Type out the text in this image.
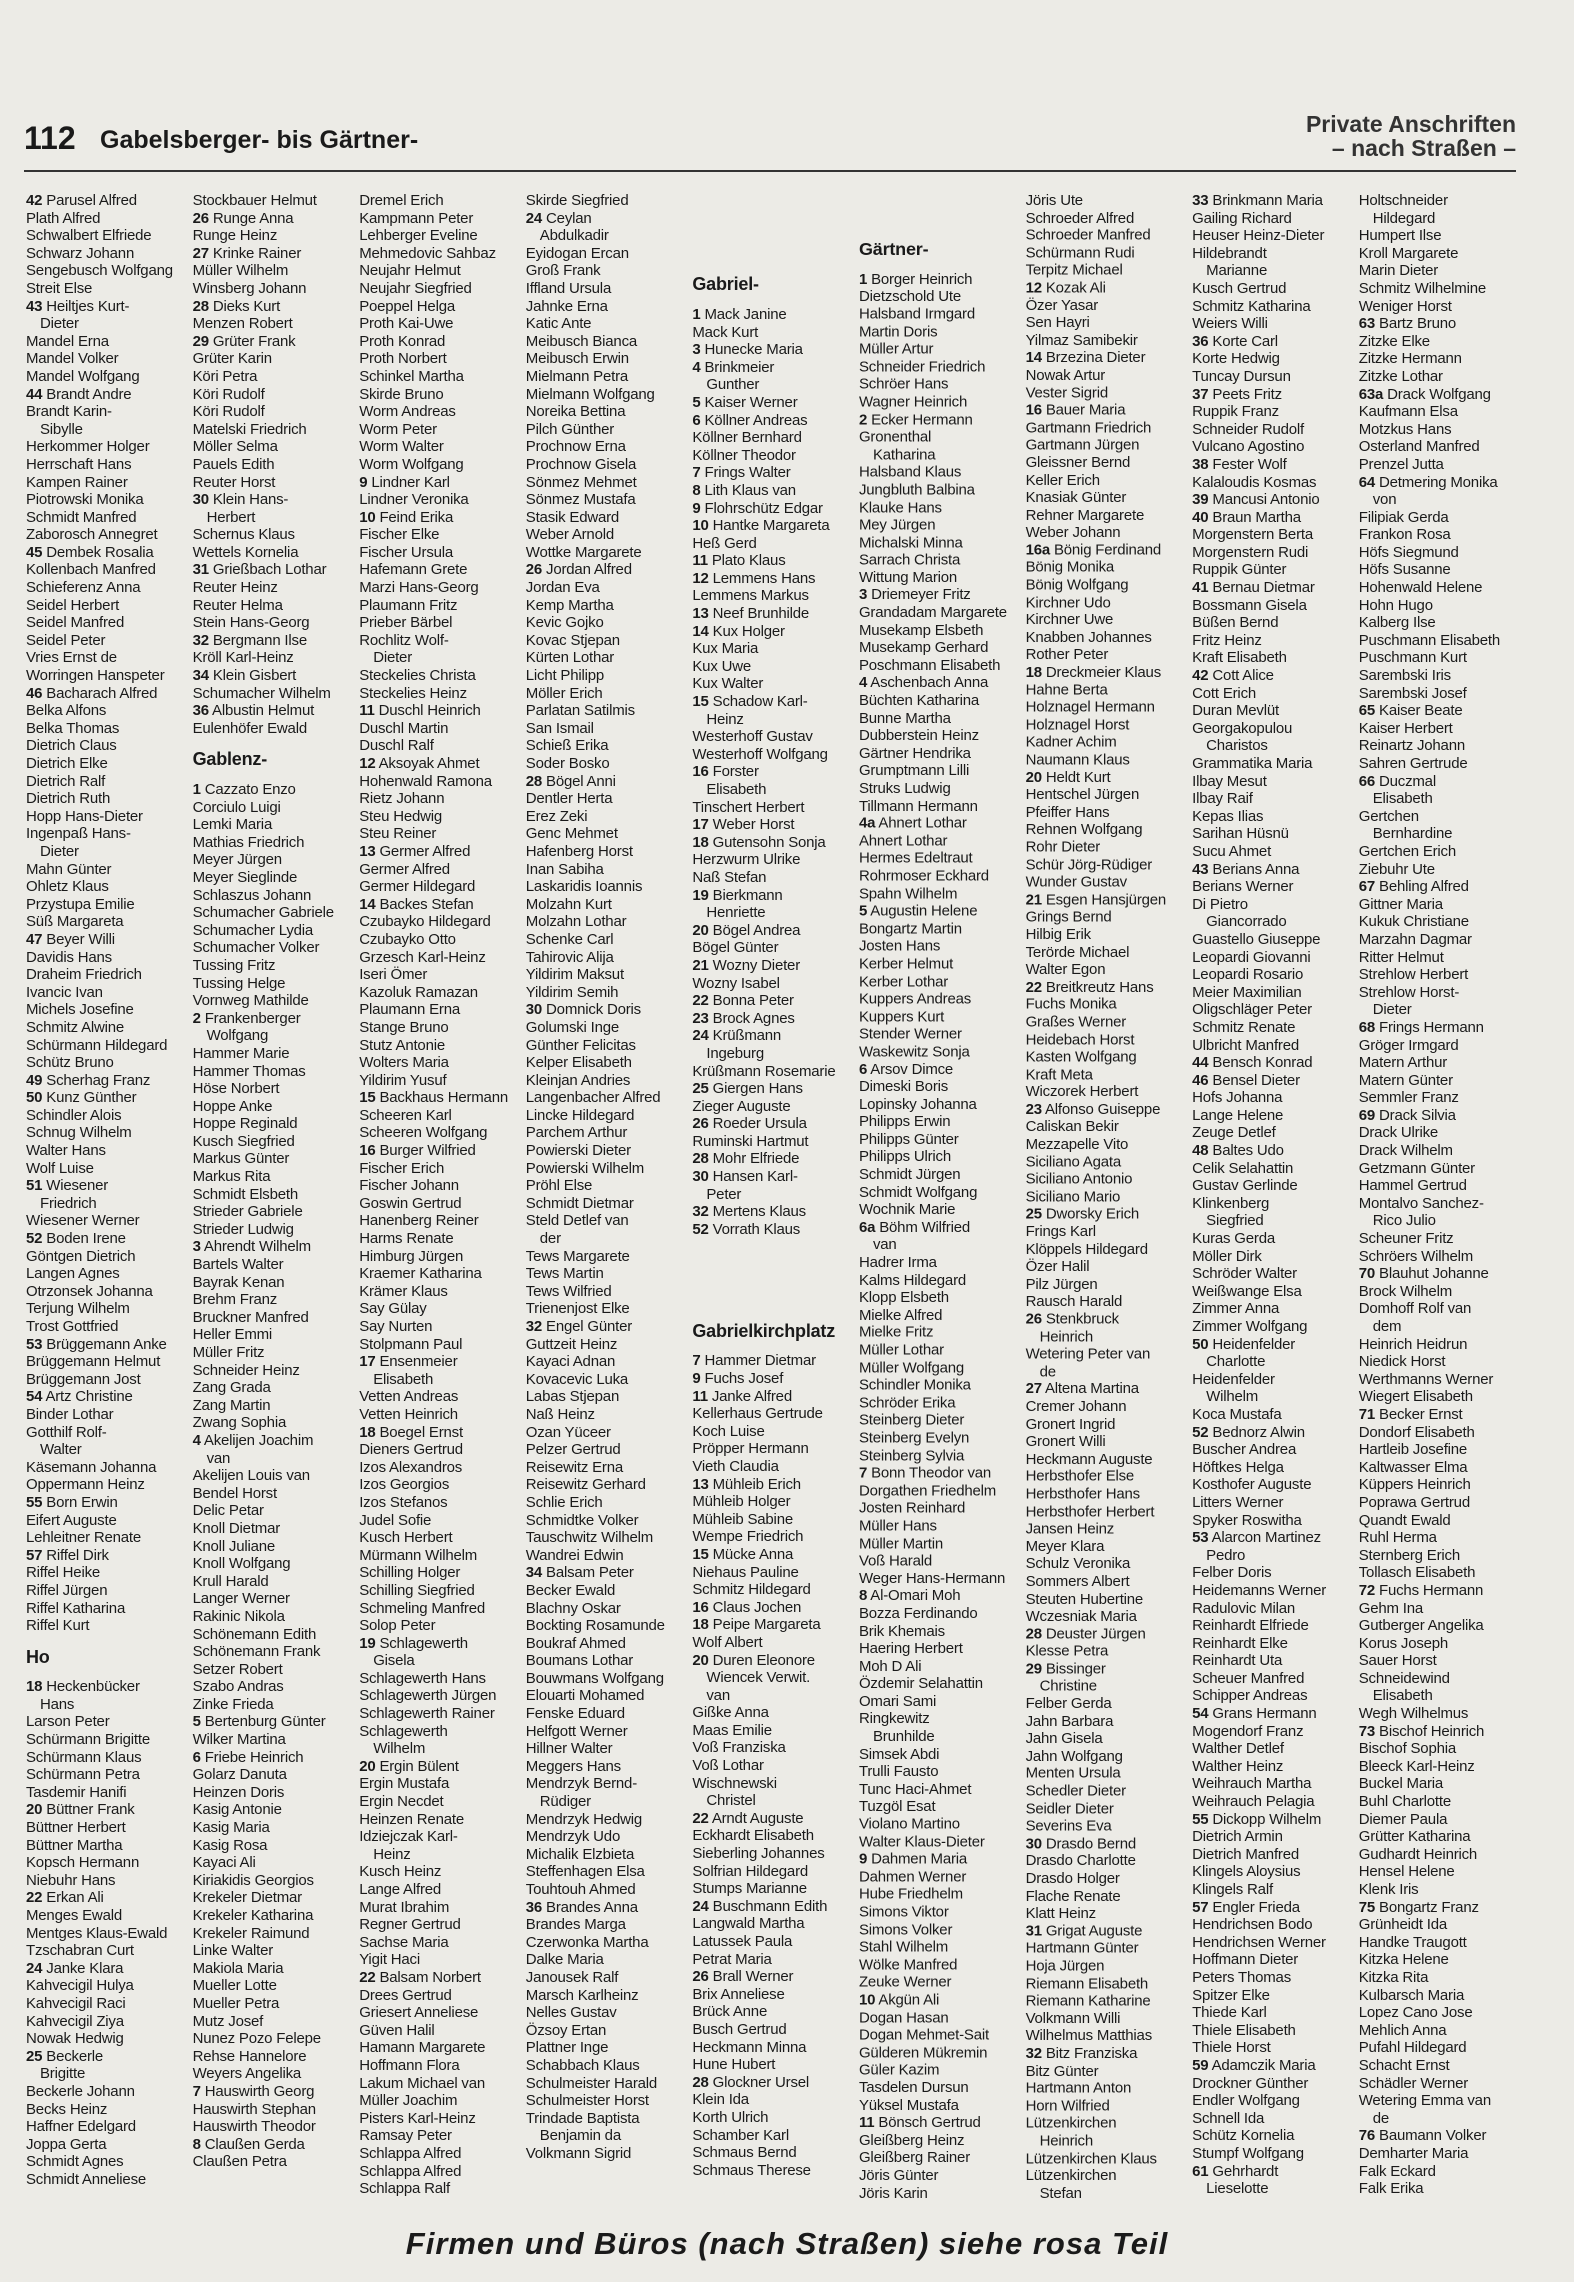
112 Gabelsberger- bis Gärtner-
Private Anschriften
– nach Straßen –
42 Parusel Alfred
Plath Alfred
Schwalbert Elfriede
Schwarz Johann
Sengebusch Wolfgang
Streit Else
43 Heiltjes Kurt-
Dieter
Mandel Erna
Mandel Volker
Mandel Wolfgang
44 Brandt Andre
Brandt Karin-
Sibylle
Herkommer Holger
Herrschaft Hans
Kampen Rainer
Piotrowski Monika
Schmidt Manfred
Zaborosch Annegret
45 Dembek Rosalia
Kollenbach Manfred
Schieferenz Anna
Seidel Herbert
Seidel Manfred
Seidel Peter
Vries Ernst de
Worringen Hanspeter
46 Bacharach Alfred
Belka Alfons
Belka Thomas
Dietrich Claus
Dietrich Elke
Dietrich Ralf
Dietrich Ruth
Hopp Hans-Dieter
Ingenpaß Hans-
Dieter
Mahn Günter
Ohletz Klaus
Przystupa Emilie
Süß Margareta
47 Beyer Willi
Davidis Hans
Draheim Friedrich
Ivancic Ivan
Michels Josefine
Schmitz Alwine
Schürmann Hildegard
Schütz Bruno
49 Scherhag Franz
50 Kunz Günther
Schindler Alois
Schnug Wilhelm
Walter Hans
Wolf Luise
51 Wiesener
Friedrich
Wiesener Werner
52 Boden Irene
Göntgen Dietrich
Langen Agnes
Otrzonsek Johanna
Terjung Wilhelm
Trost Gottfried
53 Brüggemann Anke
Brüggemann Helmut
Brüggemann Jost
54 Artz Christine
Binder Lothar
Gotthilf Rolf-
Walter
Käsemann Johanna
Oppermann Heinz
55 Born Erwin
Eifert Auguste
Lehleitner Renate
57 Riffel Dirk
Riffel Heike
Riffel Jürgen
Riffel Katharina
Riffel Kurt
Ho
18 Heckenbücker
Hans
Larson Peter
Schürmann Brigitte
Schürmann Klaus
Schürmann Petra
Tasdemir Hanifi
20 Büttner Frank
Büttner Herbert
Büttner Martha
Kopsch Hermann
Niebuhr Hans
22 Erkan Ali
Menges Ewald
Mentges Klaus-Ewald
Tzschabran Curt
24 Janke Klara
Kahvecigil Hulya
Kahvecigil Raci
Kahvecigil Ziya
Nowak Hedwig
25 Beckerle
Brigitte
Beckerle Johann
Becks Heinz
Haffner Edelgard
Joppa Gerta
Schmidt Agnes
Schmidt Anneliese
Stockbauer Helmut
26 Runge Anna
Runge Heinz
27 Krinke Rainer
Müller Wilhelm
Winsberg Johann
28 Dieks Kurt
Menzen Robert
29 Grüter Frank
Grüter Karin
Köri Petra
Köri Rudolf
Köri Rudolf
Matelski Friedrich
Möller Selma
Pauels Edith
Reuter Horst
30 Klein Hans-
Herbert
Schernus Klaus
Wettels Kornelia
31 Grießbach Lothar
Reuter Heinz
Reuter Helma
Stein Hans-Georg
32 Bergmann Ilse
Kröll Karl-Heinz
34 Klein Gisbert
Schumacher Wilhelm
36 Albustin Helmut
Eulenhöfer Ewald
Gablenz-
1 Cazzato Enzo
Corciulo Luigi
Lemki Maria
Mathias Friedrich
Meyer Jürgen
Meyer Sieglinde
Schlaszus Johann
Schumacher Gabriele
Schumacher Lydia
Schumacher Volker
Tussing Fritz
Tussing Helge
Vornweg Mathilde
2 Frankenberger
Wolfgang
Hammer Marie
Hammer Thomas
Höse Norbert
Hoppe Anke
Hoppe Reginald
Kusch Siegfried
Markus Günter
Markus Rita
Schmidt Elsbeth
Strieder Gabriele
Strieder Ludwig
3 Ahrendt Wilhelm
Bartels Walter
Bayrak Kenan
Brehm Franz
Bruckner Manfred
Heller Emmi
Müller Fritz
Schneider Heinz
Zang Grada
Zang Martin
Zwang Sophia
4 Akelijen Joachim
van
Akelijen Louis van
Bendel Horst
Delic Petar
Knoll Dietmar
Knoll Juliane
Knoll Wolfgang
Krull Harald
Langer Werner
Rakinic Nikola
Schönemann Edith
Schönemann Frank
Setzer Robert
Szabo Andras
Zinke Frieda
5 Bertenburg Günter
Wilker Martina
6 Friebe Heinrich
Golarz Danuta
Heinzen Doris
Kasig Antonie
Kasig Maria
Kasig Rosa
Kayaci Ali
Kiriakidis Georgios
Krekeler Dietmar
Krekeler Katharina
Krekeler Raimund
Linke Walter
Makiola Maria
Mueller Lotte
Mueller Petra
Mutz Josef
Nunez Pozo Felepe
Rehse Hannelore
Weyers Angelika
7 Hauswirth Georg
Hauswirth Stephan
Hauswirth Theodor
8 Claußen Gerda
Claußen Petra
Dremel Erich
Kampmann Peter
Lehberger Eveline
Mehmedovic Sahbaz
Neujahr Helmut
Neujahr Siegfried
Poeppel Helga
Proth Kai-Uwe
Proth Konrad
Proth Norbert
Schinkel Martha
Skirde Bruno
Worm Andreas
Worm Peter
Worm Walter
Worm Wolfgang
9 Lindner Karl
Lindner Veronika
10 Feind Erika
Fischer Elke
Fischer Ursula
Hafemann Grete
Marzi Hans-Georg
Plaumann Fritz
Prieber Bärbel
Rochlitz Wolf-
Dieter
Steckelies Christa
Steckelies Heinz
11 Duschl Heinrich
Duschl Martin
Duschl Ralf
12 Aksoyak Ahmet
Hohenwald Ramona
Rietz Johann
Steu Hedwig
Steu Reiner
13 Germer Alfred
Germer Alfred
Germer Hildegard
14 Backes Stefan
Czubayko Hildegard
Czubayko Otto
Grzesch Karl-Heinz
Iseri Ömer
Kazoluk Ramazan
Plaumann Erna
Stange Bruno
Stutz Antonie
Wolters Maria
Yildirim Yusuf
15 Backhaus Hermann
Scheeren Karl
Scheeren Wolfgang
16 Burger Wilfried
Fischer Erich
Fischer Johann
Goswin Gertrud
Hanenberg Reiner
Harms Renate
Himburg Jürgen
Kraemer Katharina
Krämer Klaus
Say Gülay
Say Nurten
Stolpmann Paul
17 Ensenmeier
Elisabeth
Vetten Andreas
Vetten Heinrich
18 Boegel Ernst
Dieners Gertrud
Izos Alexandros
Izos Georgios
Izos Stefanos
Judel Sofie
Kusch Herbert
Mürmann Wilhelm
Schilling Holger
Schilling Siegfried
Schmeling Manfred
Solop Peter
19 Schlagewerth
Gisela
Schlagewerth Hans
Schlagewerth Jürgen
Schlagewerth Rainer
Schlagewerth
Wilhelm
20 Ergin Bülent
Ergin Mustafa
Ergin Necdet
Heinzen Renate
Idziejczak Karl-
Heinz
Kusch Heinz
Lange Alfred
Murat Ibrahim
Regner Gertrud
Sachse Maria
Yigit Haci
22 Balsam Norbert
Drees Gertrud
Griesert Anneliese
Güven Halil
Hamann Margarete
Hoffmann Flora
Lakum Michael van
Müller Joachim
Pisters Karl-Heinz
Ramsay Peter
Schlappa Alfred
Schlappa Alfred
Schlappa Ralf
Skirde Siegfried
24 Ceylan
Abdulkadir
Eyidogan Ercan
Groß Frank
Iffland Ursula
Jahnke Erna
Katic Ante
Meibusch Bianca
Meibusch Erwin
Mielmann Petra
Mielmann Wolfgang
Noreika Bettina
Pilch Günther
Prochnow Erna
Prochnow Gisela
Sönmez Mehmet
Sönmez Mustafa
Stasik Edward
Weber Arnold
Wottke Margarete
26 Jordan Alfred
Jordan Eva
Kemp Martha
Kevic Gojko
Kovac Stjepan
Kürten Lothar
Licht Philipp
Möller Erich
Parlatan Satilmis
San Ismail
Schieß Erika
Soder Bosko
28 Bögel Anni
Dentler Herta
Erez Zeki
Genc Mehmet
Hafenberg Horst
Inan Sabiha
Laskaridis Ioannis
Molzahn Kurt
Molzahn Lothar
Schenke Carl
Tahirovic Alija
Yildirim Maksut
Yildirim Semih
30 Domnick Doris
Golumski Inge
Günther Felicitas
Kelper Elisabeth
Kleinjan Andries
Langenbacher Alfred
Lincke Hildegard
Parchem Arthur
Powierski Dieter
Powierski Wilhelm
Pröhl Else
Schmidt Dietmar
Steld Detlef van
der
Tews Margarete
Tews Martin
Tews Wilfried
Trienenjost Elke
32 Engel Günter
Guttzeit Heinz
Kayaci Adnan
Kovacevic Luka
Labas Stjepan
Naß Heinz
Ozan Yüceer
Pelzer Gertrud
Reisewitz Erna
Reisewitz Gerhard
Schlie Erich
Schmidtke Volker
Tauschwitz Wilhelm
Wandrei Edwin
34 Balsam Peter
Becker Ewald
Blachny Oskar
Bockting Rosamunde
Boukraf Ahmed
Boumans Lothar
Bouwmans Wolfgang
Elouarti Mohamed
Fenske Eduard
Helfgott Werner
Hillner Walter
Meggers Hans
Mendrzyk Bernd-
Rüdiger
Mendrzyk Hedwig
Mendrzyk Udo
Michalik Elzbieta
Steffenhagen Elsa
Touhtouh Ahmed
36 Brandes Anna
Brandes Marga
Czerwonka Martha
Dalke Maria
Janousek Ralf
Marsch Karlheinz
Nelles Gustav
Özsoy Ertan
Plattner Inge
Schabbach Klaus
Schulmeister Harald
Schulmeister Horst
Trindade Baptista
Benjamin da
Volkmann Sigrid

Gabriel-
1 Mack Janine
Mack Kurt
3 Hunecke Maria
4 Brinkmeier
Gunther
5 Kaiser Werner
6 Köllner Andreas
Köllner Bernhard
Köllner Theodor
7 Frings Walter
8 Lith Klaus van
9 Flohrschütz Edgar
10 Hantke Margareta
Heß Gerd
11 Plato Klaus
12 Lemmens Hans
Lemmens Markus
13 Neef Brunhilde
14 Kux Holger
Kux Maria
Kux Uwe
Kux Walter
15 Schadow Karl-
Heinz
Westerhoff Gustav
Westerhoff Wolfgang
16 Forster
Elisabeth
Tinschert Herbert
17 Weber Horst
18 Gutensohn Sonja
Herzwurm Ulrike
Naß Stefan
19 Bierkmann
Henriette
20 Bögel Andrea
Bögel Günter
21 Wozny Dieter
Wozny Isabel
22 Bonna Peter
23 Brock Agnes
24 Krüßmann
Ingeburg
Krüßmann Rosemarie
25 Giergen Hans
Zieger Auguste
26 Roeder Ursula
Ruminski Hartmut
28 Mohr Elfriede
30 Hansen Karl-
Peter
32 Mertens Klaus
52 Vorrath Klaus

Gabrielkirchplatz
7 Hammer Dietmar
9 Fuchs Josef
11 Janke Alfred
Kellerhaus Gertrude
Koch Luise
Pröpper Hermann
Vieth Claudia
13 Mühleib Erich
Mühleib Holger
Mühleib Sabine
Wempe Friedrich
15 Mücke Anna
Niehaus Pauline
Schmitz Hildegard
16 Claus Jochen
18 Peipe Margareta
Wolf Albert
20 Duren Eleonore
Wiencek Verwit.
van
Gißke Anna
Maas Emilie
Voß Franziska
Voß Lothar
Wischnewski
Christel
22 Arndt Auguste
Eckhardt Elisabeth
Sieberling Johannes
Solfrian Hildegard
Stumps Marianne
24 Buschmann Edith
Langwald Martha
Latussek Paula
Petrat Maria
26 Brall Werner
Brix Anneliese
Brück Anne
Busch Gertrud
Heckmann Minna
Hune Hubert
28 Glockner Ursel
Klein Ida
Korth Ulrich
Schamber Karl
Schmaus Bernd
Schmaus Therese

Gärtner-
1 Borger Heinrich
Dietzschold Ute
Halsband Irmgard
Martin Doris
Müller Artur
Schneider Friedrich
Schröer Hans
Wagner Heinrich
2 Ecker Hermann
Gronenthal
Katharina
Halsband Klaus
Jungbluth Balbina
Klauke Hans
Mey Jürgen
Michalski Minna
Sarrach Christa
Wittung Marion
3 Driemeyer Fritz
Grandadam Margarete
Musekamp Elsbeth
Musekamp Gerhard
Poschmann Elisabeth
4 Aschenbach Anna
Büchten Katharina
Bunne Martha
Dubberstein Heinz
Gärtner Hendrika
Grumptmann Lilli
Struks Ludwig
Tillmann Hermann
4a Ahnert Lothar
Ahnert Lothar
Hermes Edeltraut
Rohrmoser Eckhard
Spahn Wilhelm
5 Augustin Helene
Bongartz Martin
Josten Hans
Kerber Helmut
Kerber Lothar
Kuppers Andreas
Kuppers Kurt
Stender Werner
Waskewitz Sonja
6 Arsov Dimce
Dimeski Boris
Lopinsky Johanna
Philipps Erwin
Philipps Günter
Philipps Ulrich
Schmidt Jürgen
Schmidt Wolfgang
Wochnik Marie
6a Böhm Wilfried
van
Hadrer Irma
Kalms Hildegard
Klopp Elsbeth
Mielke Alfred
Mielke Fritz
Müller Lothar
Müller Wolfgang
Schindler Monika
Schröder Erika
Steinberg Dieter
Steinberg Evelyn
Steinberg Sylvia
7 Bonn Theodor van
Dorgathen Friedhelm
Josten Reinhard
Müller Hans
Müller Martin
Voß Harald
Weger Hans-Hermann
8 Al-Omari Moh
Bozza Ferdinando
Brik Khemais
Haering Herbert
Moh D Ali
Özdemir Selahattin
Omari Sami
Ringkewitz
Brunhilde
Simsek Abdi
Trulli Fausto
Tunc Haci-Ahmet
Tuzgöl Esat
Violano Martino
Walter Klaus-Dieter
9 Dahmen Maria
Dahmen Werner
Hube Friedhelm
Simons Viktor
Simons Volker
Stahl Wilhelm
Wölke Manfred
Zeuke Werner
10 Akgün Ali
Dogan Hasan
Dogan Mehmet-Sait
Gülderen Mükremin
Güler Kazim
Tasdelen Dursun
Yüksel Mustafa
11 Bönsch Gertrud
Gleißberg Heinz
Gleißberg Rainer
Jöris Günter
Jöris Karin
Jöris Ute
Schroeder Alfred
Schroeder Manfred
Schürmann Rudi
Terpitz Michael
12 Kozak Ali
Özer Yasar
Sen Hayri
Yilmaz Samibekir
14 Brzezina Dieter
Nowak Artur
Vester Sigrid
16 Bauer Maria
Gartmann Friedrich
Gartmann Jürgen
Gleissner Bernd
Keller Erich
Knasiak Günter
Rehner Margarete
Weber Johann
16a Bönig Ferdinand
Bönig Monika
Bönig Wolfgang
Kirchner Udo
Kirchner Uwe
Knabben Johannes
Rother Peter
18 Dreckmeier Klaus
Hahne Berta
Holznagel Hermann
Holznagel Horst
Kadner Achim
Naumann Klaus
20 Heldt Kurt
Hentschel Jürgen
Pfeiffer Hans
Rehnen Wolfgang
Rohr Dieter
Schür Jörg-Rüdiger
Wunder Gustav
21 Esgen Hansjürgen
Grings Bernd
Hilbig Erik
Terörde Michael
Walter Egon
22 Breitkreutz Hans
Fuchs Monika
Graßes Werner
Heidebach Horst
Kasten Wolfgang
Kraft Meta
Wiczorek Herbert
23 Alfonso Guiseppe
Caliskan Bekir
Mezzapelle Vito
Siciliano Agata
Siciliano Antonio
Siciliano Mario
25 Dworsky Erich
Frings Karl
Klöppels Hildegard
Özer Halil
Pilz Jürgen
Rausch Harald
26 Stenkbruck
Heinrich
Wetering Peter van
de
27 Altena Martina
Cremer Johann
Gronert Ingrid
Gronert Willi
Heckmann Auguste
Herbsthofer Else
Herbsthofer Hans
Herbsthofer Herbert
Jansen Heinz
Meyer Klara
Schulz Veronika
Sommers Albert
Steuten Hubertine
Wczesniak Maria
28 Deuster Jürgen
Klesse Petra
29 Bissinger
Christine
Felber Gerda
Jahn Barbara
Jahn Gisela
Jahn Wolfgang
Menten Ursula
Schedler Dieter
Seidler Dieter
Severins Eva
30 Drasdo Bernd
Drasdo Charlotte
Drasdo Holger
Flache Renate
Klatt Heinz
31 Grigat Auguste
Hartmann Günter
Hoja Jürgen
Riemann Elisabeth
Riemann Katharine
Volkmann Willi
Wilhelmus Matthias
32 Bitz Franziska
Bitz Günter
Hartmann Anton
Horn Wilfried
Lützenkirchen
Heinrich
Lützenkirchen Klaus
Lützenkirchen
Stefan
33 Brinkmann Maria
Gailing Richard
Heuser Heinz-Dieter
Hildebrandt
Marianne
Kusch Gertrud
Schmitz Katharina
Weiers Willi
36 Korte Carl
Korte Hedwig
Tuncay Dursun
37 Peets Fritz
Ruppik Franz
Schneider Rudolf
Vulcano Agostino
38 Fester Wolf
Kalaloudis Kosmas
39 Mancusi Antonio
40 Braun Martha
Morgenstern Berta
Morgenstern Rudi
Ruppik Günter
41 Bernau Dietmar
Bossmann Gisela
Büßen Bernd
Fritz Heinz
Kraft Elisabeth
42 Cott Alice
Cott Erich
Duran Mevlüt
Georgakopulou
Charistos
Grammatika Maria
Ilbay Mesut
Ilbay Raif
Kepas Ilias
Sarihan Hüsnü
Sucu Ahmet
43 Berians Anna
Berians Werner
Di Pietro
Giancorrado
Guastello Giuseppe
Leopardi Giovanni
Leopardi Rosario
Meier Maximilian
Oligschläger Peter
Schmitz Renate
Ulbricht Manfred
44 Bensch Konrad
46 Bensel Dieter
Hofs Johanna
Lange Helene
Zeuge Detlef
48 Baltes Udo
Celik Selahattin
Gustav Gerlinde
Klinkenberg
Siegfried
Kuras Gerda
Möller Dirk
Schröder Walter
Weißwange Elsa
Zimmer Anna
Zimmer Wolfgang
50 Heidenfelder
Charlotte
Heidenfelder
Wilhelm
Koca Mustafa
52 Bednorz Alwin
Buscher Andrea
Höftkes Helga
Kosthofer Auguste
Litters Werner
Spyker Roswitha
53 Alarcon Martinez
Pedro
Felber Doris
Heidemanns Werner
Radulovic Milan
Reinhardt Elfriede
Reinhardt Elke
Reinhardt Uta
Scheuer Manfred
Schipper Andreas
54 Grans Hermann
Mogendorf Franz
Walther Detlef
Walther Heinz
Weihrauch Martha
Weihrauch Pelagia
55 Dickopp Wilhelm
Dietrich Armin
Dietrich Manfred
Klingels Aloysius
Klingels Ralf
57 Engler Frieda
Hendrichsen Bodo
Hendrichsen Werner
Hoffmann Dieter
Peters Thomas
Spitzer Elke
Thiede Karl
Thiele Elisabeth
Thiele Horst
59 Adamczik Maria
Drockner Günther
Endler Wolfgang
Schnell Ida
Schütz Kornelia
Stumpf Wolfgang
61 Gehrhardt
Lieselotte
Holtschneider
Hildegard
Humpert Ilse
Kroll Margarete
Marin Dieter
Schmitz Wilhelmine
Weniger Horst
63 Bartz Bruno
Zitzke Elke
Zitzke Hermann
Zitzke Lothar
63a Drack Wolfgang
Kaufmann Elsa
Motzkus Hans
Osterland Manfred
Prenzel Jutta
64 Detmering Monika
von
Filipiak Gerda
Frankon Rosa
Höfs Siegmund
Höfs Susanne
Hohenwald Helene
Hohn Hugo
Kalberg Ilse
Puschmann Elisabeth
Puschmann Kurt
Sarembski Iris
Sarembski Josef
65 Kaiser Beate
Kaiser Herbert
Reinartz Johann
Sahren Gertrude
66 Duczmal
Elisabeth
Gertchen
Bernhardine
Gertchen Erich
Ziebuhr Ute
67 Behling Alfred
Gittner Maria
Kukuk Christiane
Marzahn Dagmar
Ritter Helmut
Strehlow Herbert
Strehlow Horst-
Dieter
68 Frings Hermann
Gröger Irmgard
Matern Arthur
Matern Günter
Semmler Franz
69 Drack Silvia
Drack Ulrike
Drack Wilhelm
Getzmann Günter
Hammel Gertrud
Montalvo Sanchez-
Rico Julio
Scheuner Fritz
Schröers Wilhelm
70 Blauhut Johanne
Brock Wilhelm
Domhoff Rolf van
dem
Heinrich Heidrun
Niedick Horst
Werthmanns Werner
Wiegert Elisabeth
71 Becker Ernst
Dondorf Elisabeth
Hartleib Josefine
Kaltwasser Elma
Küppers Heinrich
Poprawa Gertrud
Quandt Ewald
Ruhl Herma
Sternberg Erich
Tollasch Elisabeth
72 Fuchs Hermann
Gehm Ina
Gutberger Angelika
Korus Joseph
Sauer Horst
Schneidewind
Elisabeth
Wegh Wilhelmus
73 Bischof Heinrich
Bischof Sophia
Bleeck Karl-Heinz
Buckel Maria
Buhl Charlotte
Diemer Paula
Grütter Katharina
Gudhardt Heinrich
Hensel Helene
Klenk Iris
75 Bongartz Franz
Grünheidt Ida
Handke Traugott
Kitzka Helene
Kitzka Rita
Kulbarsch Maria
Lopez Cano Jose
Mehlich Anna
Pufahl Hildegard
Schacht Ernst
Schädler Werner
Wetering Emma van
de
76 Baumann Volker
Demharter Maria
Falk Eckard
Falk Erika
Firmen und Büros (nach Straßen) siehe rosa Teil
